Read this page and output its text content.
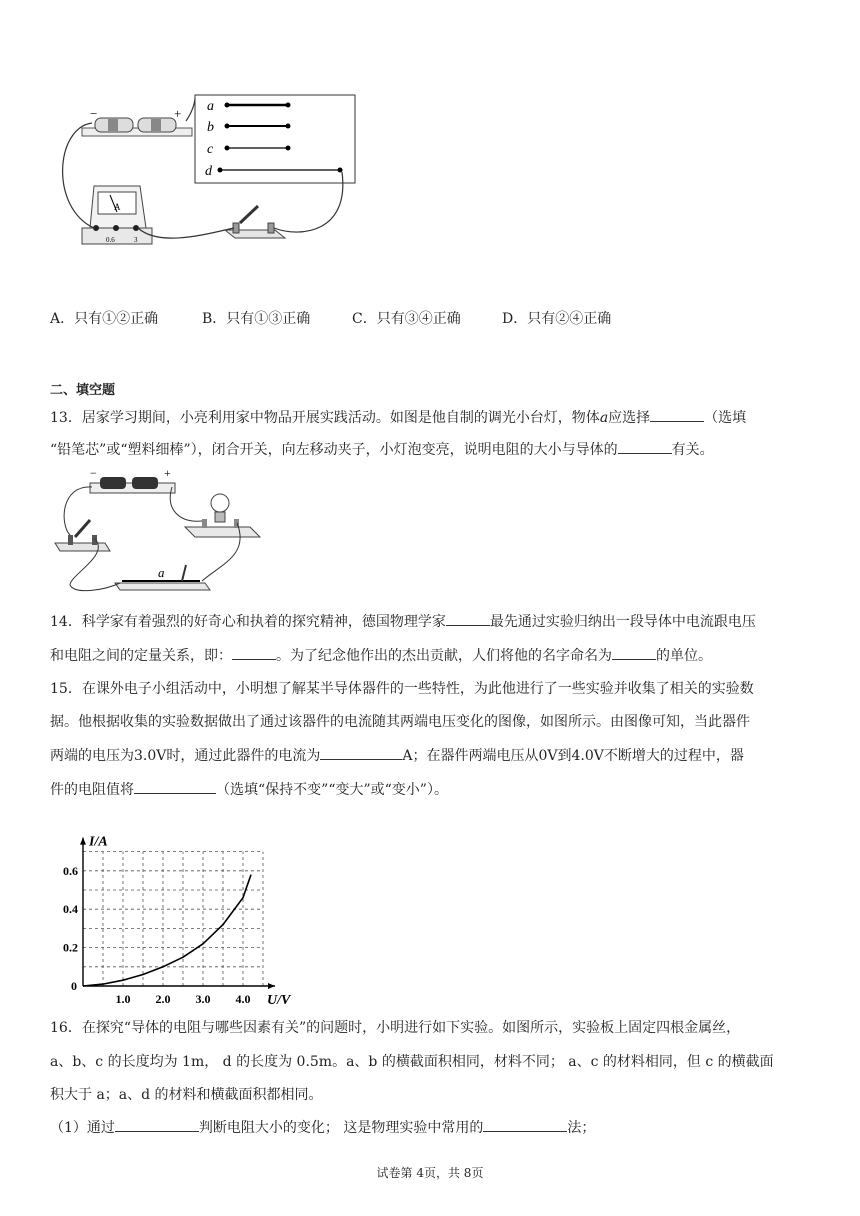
−	+ a
b
c
d
A
0.6	3
A．只有①②正确	B．只有①③正确	C．只有③④正确	D．只有②④正确
二、填空题
13．居家学习期间，小亮利用家中物品开展实践活动。如图是他自制的调光小台灯，物体a应选择	（选填
“铅笔芯”或“塑料细棒”），闭合开关，向左移动夹子，小灯泡变亮，说明电阻的大小与导体的	有关。
−	+
a
14．科学家有着强烈的好奇心和执着的探究精神，德国物理学家	最先通过实验归纳出一段导体中电流跟电压
和电阻之间的定量关系，即：	。为了纪念他作出的杰出贡献，人们将他的名字命名为	的单位。
15．在课外电子小组活动中，小明想了解某半导体器件的一些特性，为此他进行了一些实验并收集了相关的实验数
据。他根据收集的实验数据做出了通过该器件的电流随其两端电压变化的图像，如图所示。由图像可知，当此器件
两端的电压为3.0V时，通过此器件的电流为	A；在器件两端电压从0V到4.0V不断增大的过程中，器
件的电阻值将	（选填“保持不变”“变大”或“变小”）。
1.0 2.0 3.0 4.0
0.2
0.4
0.6
0
U/V
I/A
16．在探究“导体的电阻与哪些因素有关”的问题时，小明进行如下实验。如图所示，实验板上固定四根金属丝，
a、b、c 的长度均为 1m， d 的长度为 0.5m。a、b 的横截面积相同，材料不同； a、c 的材料相同，但 c 的横截面
积大于 a；a、d 的材料和横截面积都相同。
（1）通过	判断电阻大小的变化； 这是物理实验中常用的	法；
试卷第 4页，共 8页
